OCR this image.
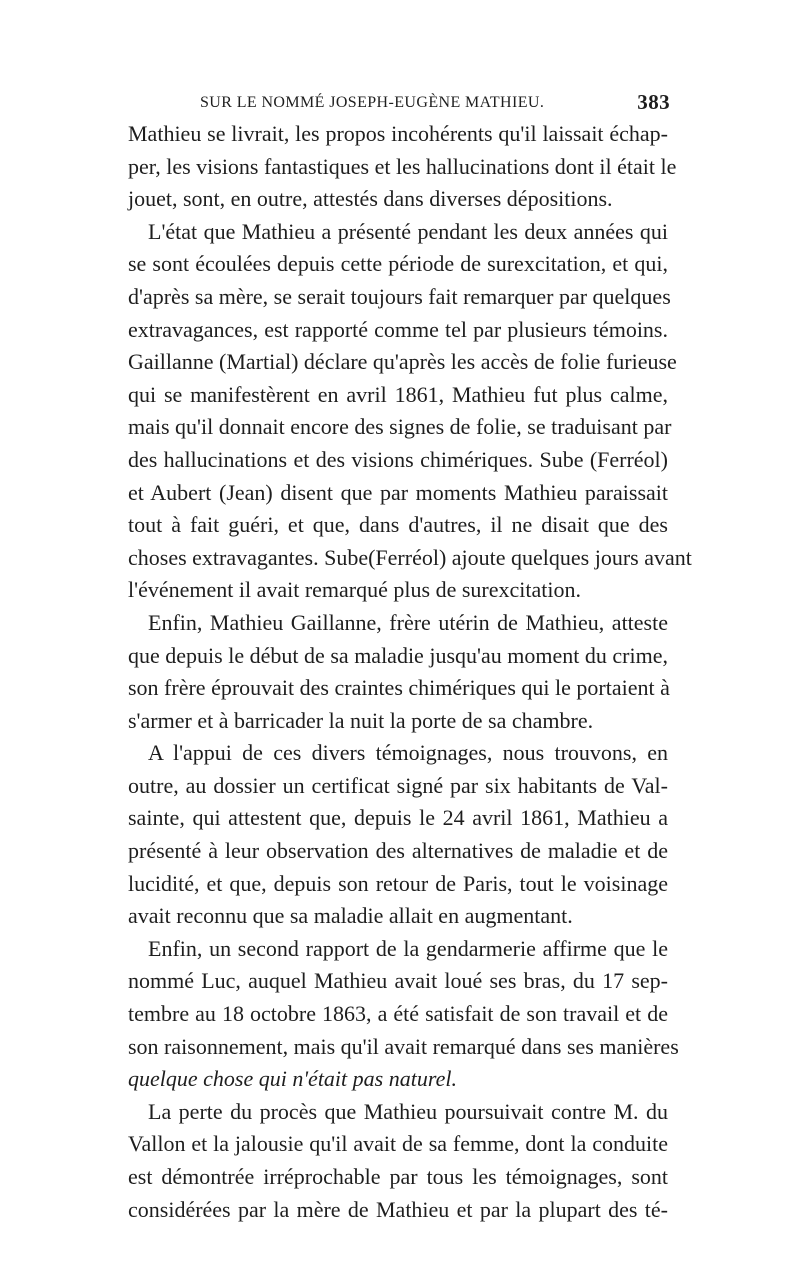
SUR LE NOMMÉ JOSEPH-EUGÈNE MATHIEU.	383
Mathieu se livrait, les propos incohérents qu'il laissait échap-
per, les visions fantastiques et les hallucinations dont il était le
jouet, sont, en outre, attestés dans diverses dépositions.
L'état que Mathieu a présenté pendant les deux années qui
se sont écoulées depuis cette période de surexcitation, et qui,
d'après sa mère, se serait toujours fait remarquer par quelques
extravagances, est rapporté comme tel par plusieurs témoins.
Gaillanne (Martial) déclare qu'après les accès de folie furieuse
qui se manifestèrent en avril 1861, Mathieu fut plus calme,
mais qu'il donnait encore des signes de folie, se traduisant par
des hallucinations et des visions chimériques. Sube (Ferréol)
et Aubert (Jean) disent que par moments Mathieu paraissait
tout à fait guéri, et que, dans d'autres, il ne disait que des
choses extravagantes. Sube(Ferréol) ajoute quelques jours avant
l'événement il avait remarqué plus de surexcitation.
Enfin, Mathieu Gaillanne, frère utérin de Mathieu, atteste
que depuis le début de sa maladie jusqu'au moment du crime,
son frère éprouvait des craintes chimériques qui le portaient à
s'armer et à barricader la nuit la porte de sa chambre.
A l'appui de ces divers témoignages, nous trouvons, en
outre, au dossier un certificat signé par six habitants de Val-
sainte, qui attestent que, depuis le 24 avril 1861, Mathieu a
présenté à leur observation des alternatives de maladie et de
lucidité, et que, depuis son retour de Paris, tout le voisinage
avait reconnu que sa maladie allait en augmentant.
Enfin, un second rapport de la gendarmerie affirme que le
nommé Luc, auquel Mathieu avait loué ses bras, du 17 sep-
tembre au 18 octobre 1863, a été satisfait de son travail et de
son raisonnement, mais qu'il avait remarqué dans ses manières
quelque chose qui n'était pas naturel.
La perte du procès que Mathieu poursuivait contre M. du
Vallon et la jalousie qu'il avait de sa femme, dont la conduite
est démontrée irréprochable par tous les témoignages, sont
considérées par la mère de Mathieu et par la plupart des té-
